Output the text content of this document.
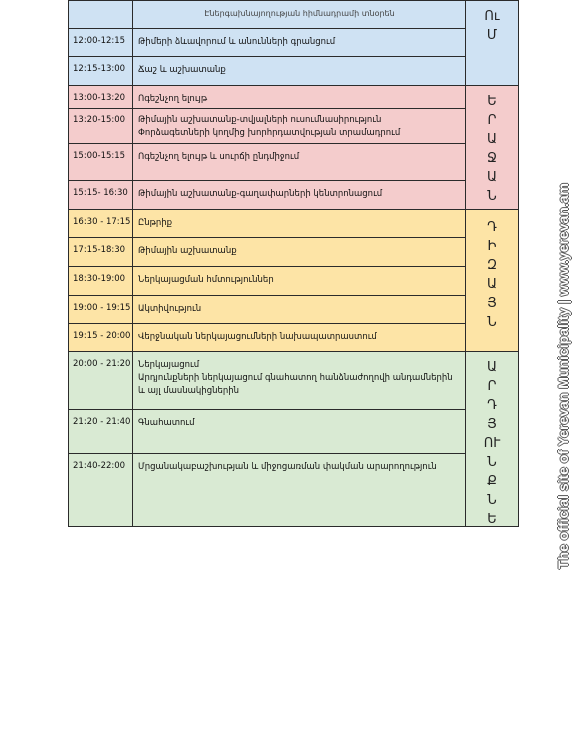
Էներգախնայողության հիմնադրամի տնօրեն
12:00-12:15	Թիմերի ձևավորում և անունների գրանցում
12:15-13:00	Ճաշ և աշխատանք
13:00-13:20	Ոգեշնչող ելույթ
13:20-15:00	Թիմային աշխատանք-տվյալների ուսումնասիրություն
Փորձագետների կողմից խորհրդատվության տրամադրում
15:00-15:15	Ոգեշնչող ելույթ և սուրճի ընդմիջում
15:15- 16:30	Թիմային աշխատանք-գաղափարների կենտրոնացում
16:30 - 17:15 Ընթրիք
17:15-18:30	Թիմային աշխատանք
18:30-19:00	Ներկայացման հմտություններ
19:00 - 19:15 Ակտիվություն
19:15 - 20:00 Վերջնական ներկայացումների նախապատրաստում
20:00 - 21:20 Ներկայացում
Արդյունքների ներկայացում գնահատող հանձնաժողովի անդամներին և այլ մասնակիցներին
21:20 - 21:40 Գնահատում
21:40-22:00	Մրցանակաբաշխության և միջոցառման փակման արարողություն
Ու
Մ
Ե
Ր
Ա
Ջ
Ա
Ն
Դ
Ի
Զ
Ա
Յ
Ն
Ա
Ր
Դ
Յ
ՈՒ
Ն
Ք
Ն
Ե	The official site of Yerevan Municipality | www.yerevan.am
